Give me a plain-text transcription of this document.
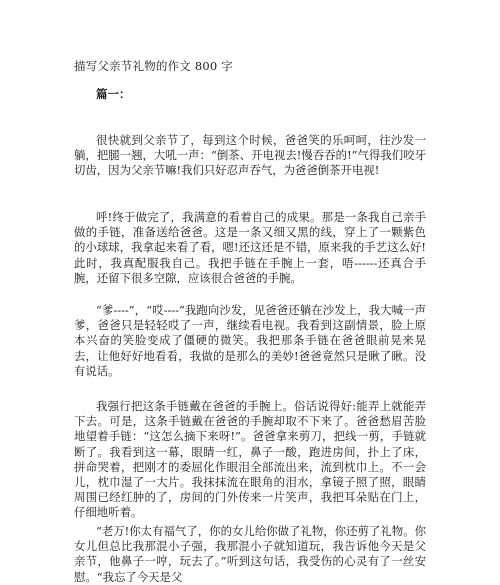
描写父亲节礼物的作文 800 字
篇一：

很快就到父亲节了，每到这个时候，爸爸笑的乐呵呵，往沙发一躺，把腿一翘，大吼一声：“倒茶、开电视去!慢吞吞的!”气得我们咬牙切齿，因为父亲节嘛!我们只好忍声吞气，为爸爸倒茶开电视!

呼!终于做完了，我满意的看着自己的成果。那是一条我自己亲手做的手链，准备送给爸爸。这是一条又细又黑的线，穿上了一颗紫色的小球球，我拿起来看了看，嗯!还这还是不错，原来我的手艺这么好!此时，我真配服我自己。我把手链在手腕上一套，唔------还真合手腕，还留下很多空隙，应该很合爸爸的手腕。

“爹----”，“哎----”我跑向沙发，见爸爸还躺在沙发上，我大喊一声爹，爸爸只是轻轻哎了一声，继续看电视。我看到这副情景，脸上原本兴奋的笑脸变成了僵硬的微笑。我把那条手链在爸爸眼前晃来晃去，让他好好地看看，我做的是那么的美妙!爸爸竟然只是瞅了瞅。没有说话。

我强行把这条手链戴在爸爸的手腕上。俗话说得好:能弄上就能弄下去。可是，这条手链戴在爸爸的手腕却取不下来了。爸爸愁眉苦脸地望着手链：“这怎么摘下来呀!”。爸爸拿来剪刀，把线一剪，手链就断了。我看到这一幕，眼睛一红，鼻子一酸，跑进房间，扑上了床，拼命哭着，把刚才的委屈化作眼泪全部流出来，流到枕巾上。不一会儿，枕巾湿了一大片。我抹抹流在眼角的泪水，拿镜子照了照，眼睛周围已经红肿的了，房间的门外传来一片笑声，我把耳朵贴在门上，仔细地听着。

“老万!你太有福气了，你的女儿给你做了礼物，你还剪了礼物。你女儿但总比我那混小子强，我那混小子就知道玩，我告诉他今天是父亲节，他鼻子一哼，玩去了。”听到这句话，我受伤的心灵有了一丝安慰。“我忘了今天是父
